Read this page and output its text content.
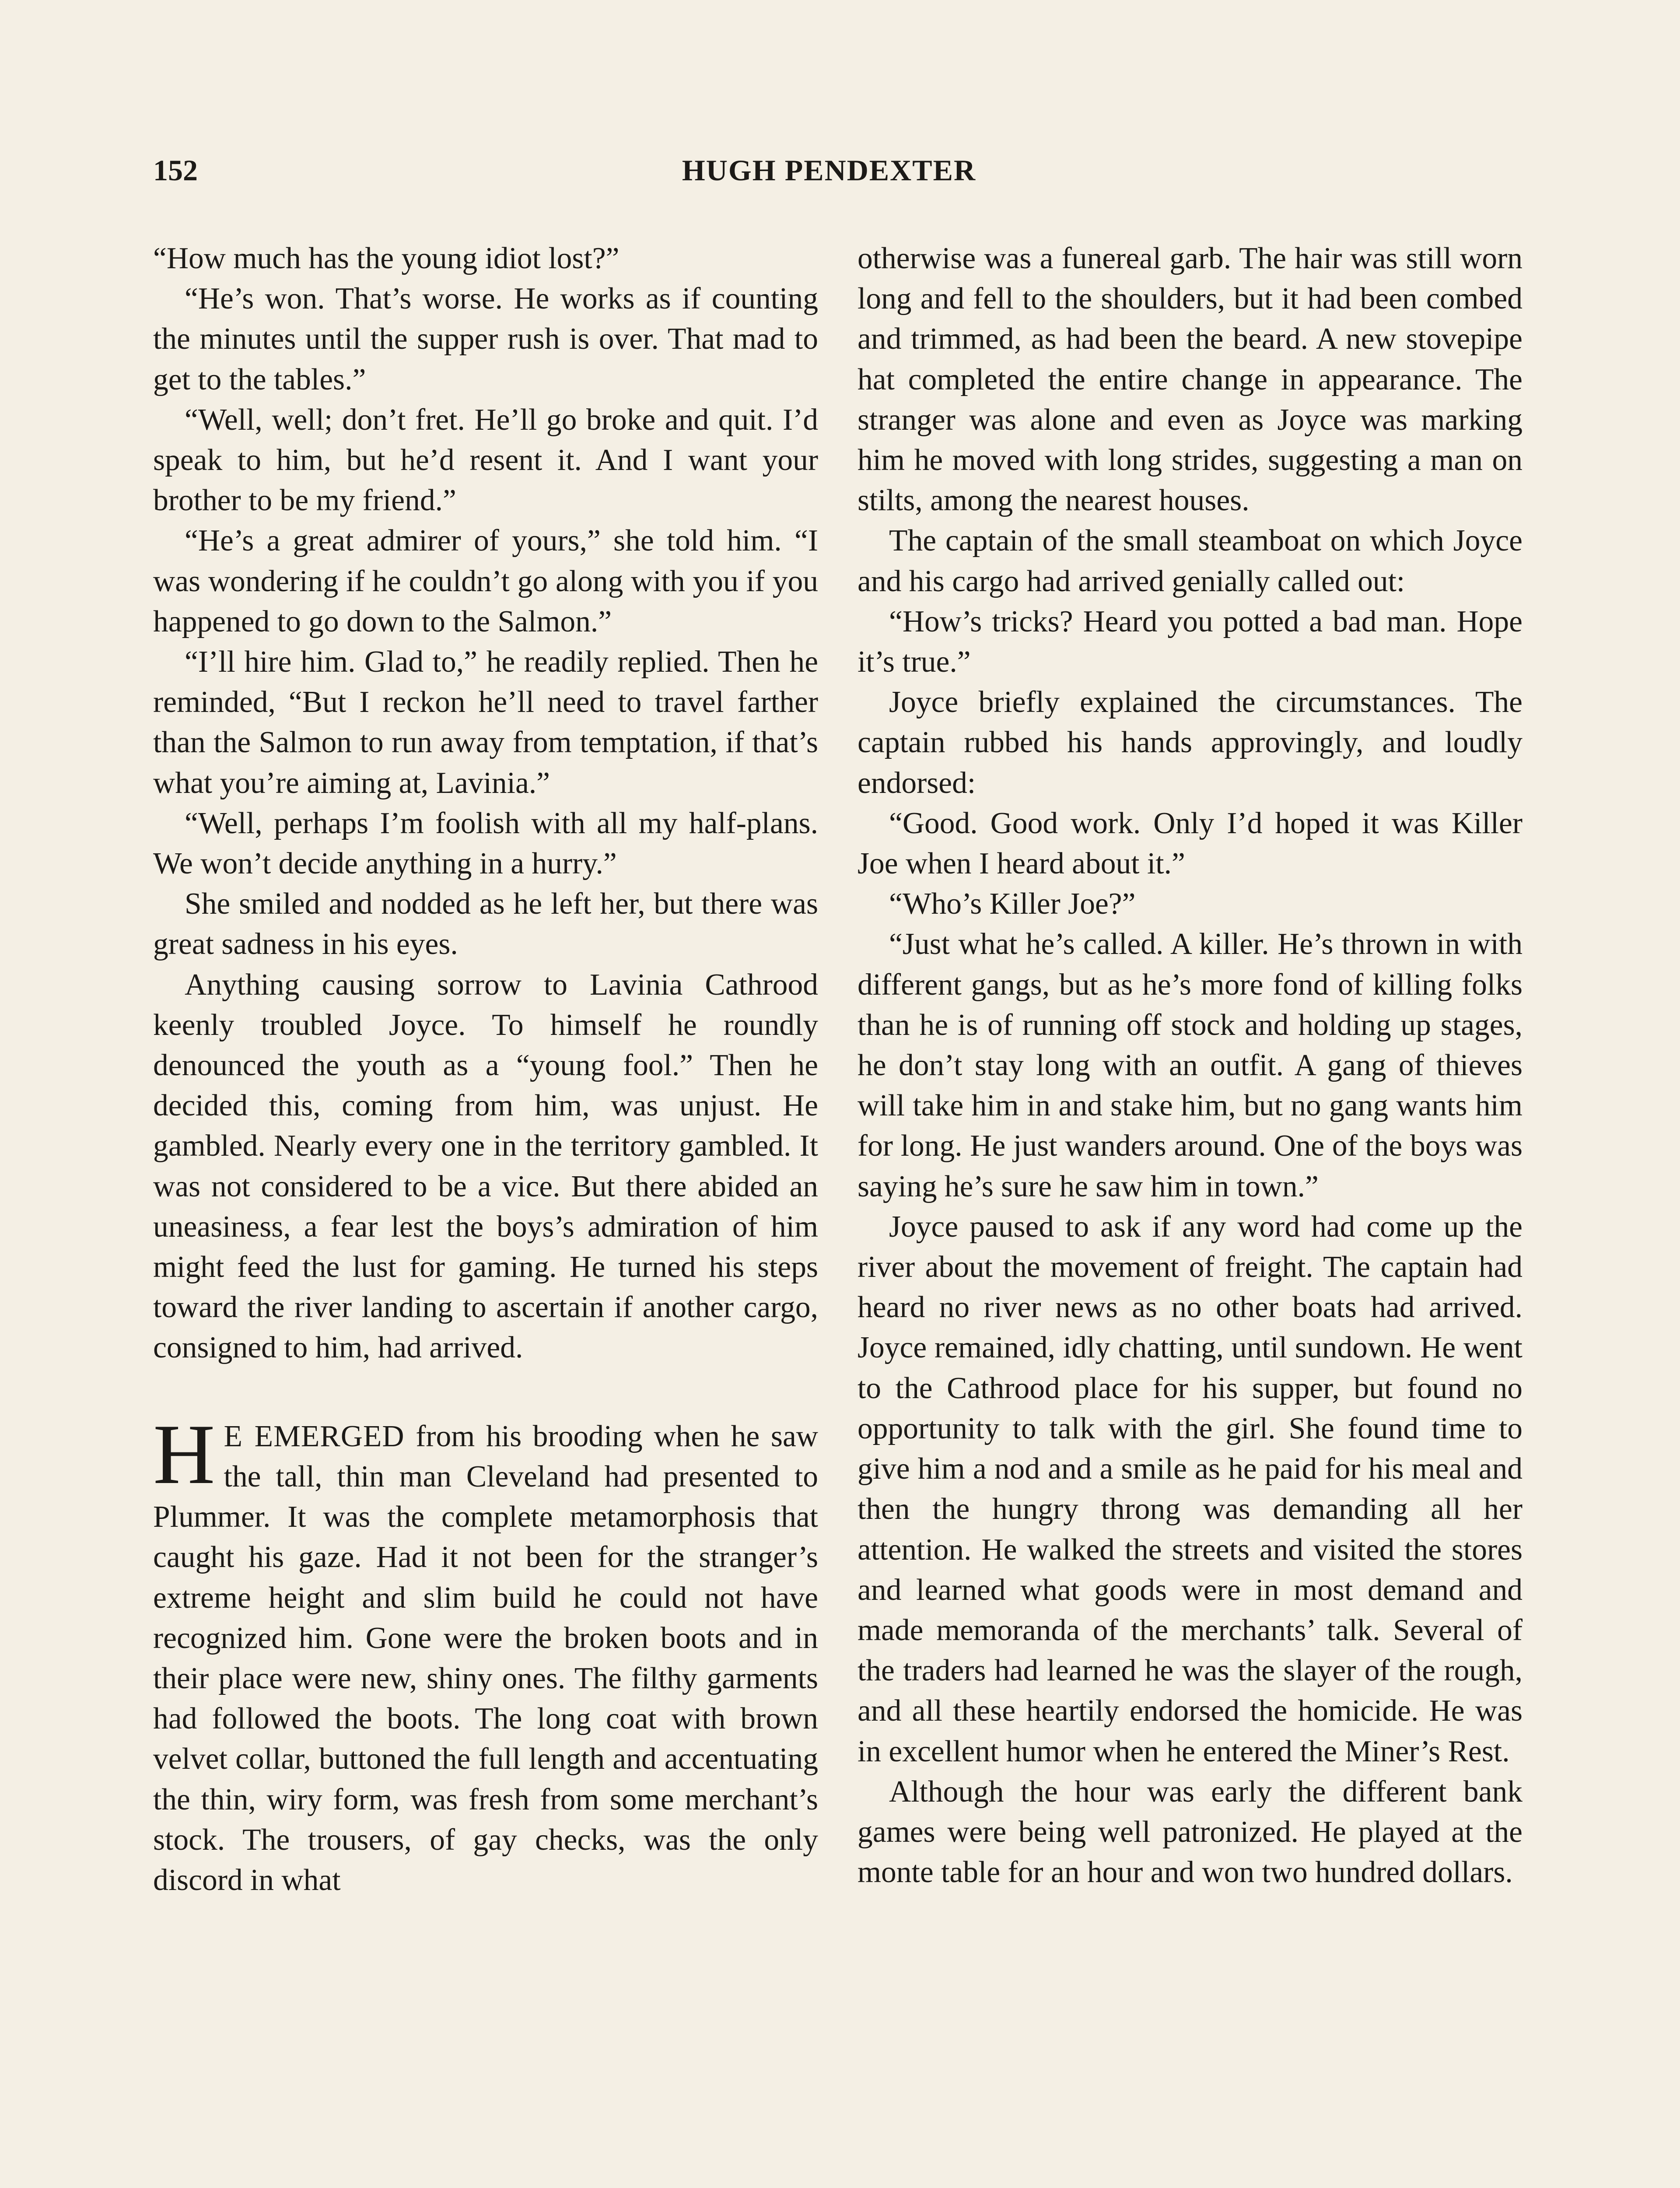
152	HUGH PENDEXTER

“How much has the young idiot lost?”

“He’s won. That’s worse. He works as if counting the minutes until the supper rush is over. That mad to get to the tables.”

“Well, well; don’t fret. He’ll go broke and quit. I’d speak to him, but he’d resent it. And I want your brother to be my friend.”

“He’s a great admirer of yours,” she told him. “I was wondering if he couldn’t go along with you if you happened to go down to the Salmon.”

“I’ll hire him. Glad to,” he readily replied. Then he reminded, “But I reckon he’ll need to travel farther than the Salmon to run away from temptation, if that’s what you’re aiming at, Lavinia.”

“Well, perhaps I’m foolish with all my half-plans. We won’t decide anything in a hurry.”

She smiled and nodded as he left her, but there was great sadness in his eyes.

Anything causing sorrow to Lavinia Cathrood keenly troubled Joyce. To himself he roundly denounced the youth as a “young fool.” Then he decided this, coming from him, was unjust. He gambled. Nearly every one in the territory gambled. It was not considered to be a vice. But there abided an uneasiness, a fear lest the boys’s admiration of him might feed the lust for gaming. He turned his steps toward the river landing to ascertain if another cargo, consigned to him, had arrived.

H E EMERGED from his brooding when he saw the tall, thin man Cleveland had presented to Plummer. It was the complete metamorphosis that caught his gaze. Had it not been for the stranger’s extreme height and slim build he could not have recognized him. Gone were the broken boots and in their place were new, shiny ones. The filthy garments had followed the boots. The long coat with brown velvet collar, buttoned the full length and accentuating the thin, wiry form, was fresh from some merchant’s stock. The trousers, of gay checks, was the only discord in what

otherwise was a funereal garb. The hair was still worn long and fell to the shoulders, but it had been combed and trimmed, as had been the beard. A new stovepipe hat completed the entire change in appearance. The stranger was alone and even as Joyce was marking him he moved with long strides, suggesting a man on stilts, among the nearest houses.

The captain of the small steamboat on which Joyce and his cargo had arrived genially called out:

“How’s tricks? Heard you potted a bad man. Hope it’s true.”

Joyce briefly explained the circumstances. The captain rubbed his hands approvingly, and loudly endorsed:

“Good. Good work. Only I’d hoped it was Killer Joe when I heard about it.”

“Who’s Killer Joe?”

“Just what he’s called. A killer. He’s thrown in with different gangs, but as he’s more fond of killing folks than he is of running off stock and holding up stages, he don’t stay long with an outfit. A gang of thieves will take him in and stake him, but no gang wants him for long. He just wanders around. One of the boys was saying he’s sure he saw him in town.”

Joyce paused to ask if any word had come up the river about the movement of freight. The captain had heard no river news as no other boats had arrived. Joyce remained, idly chatting, until sundown. He went to the Cathrood place for his supper, but found no opportunity to talk with the girl. She found time to give him a nod and a smile as he paid for his meal and then the hungry throng was demanding all her attention. He walked the streets and visited the stores and learned what goods were in most demand and made memoranda of the merchants’ talk. Several of the traders had learned he was the slayer of the rough, and all these heartily endorsed the homicide. He was in excellent humor when he entered the Miner’s Rest.

Although the hour was early the different bank games were being well patronized. He played at the monte table for an hour and won two hundred dollars.
